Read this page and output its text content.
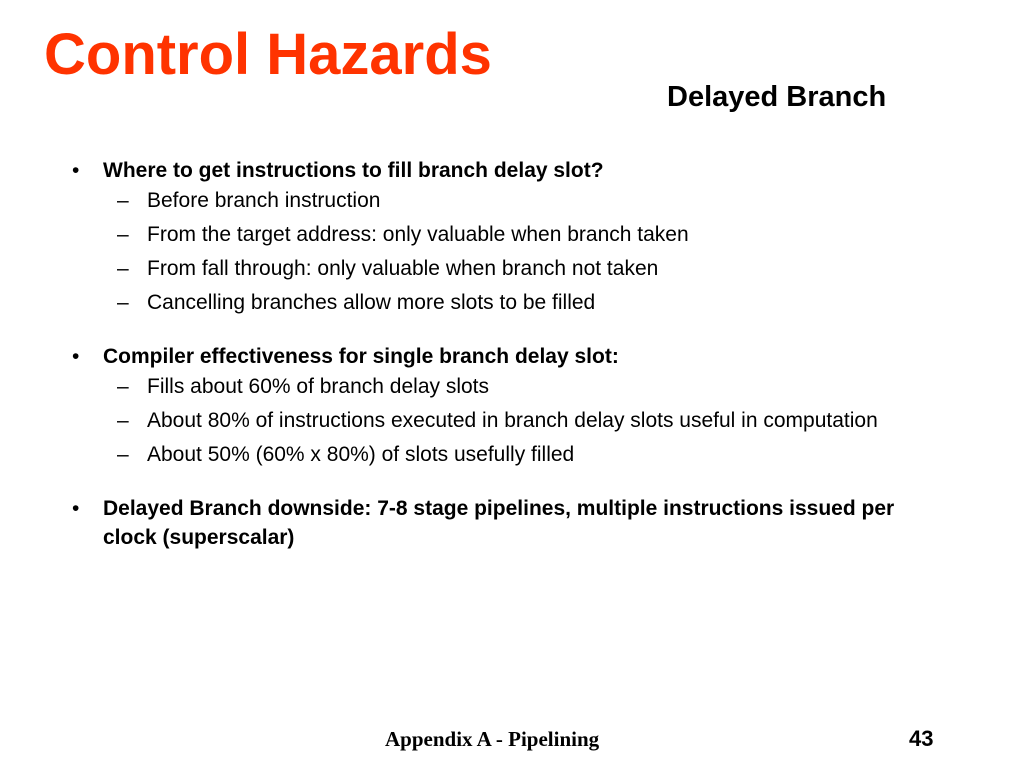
Control Hazards
Delayed Branch
• Where to get instructions to fill branch delay slot?
– Before branch instruction
– From the target address: only valuable when branch taken
– From fall through: only valuable when branch not taken
– Cancelling branches allow more slots to be filled
• Compiler effectiveness for single branch delay slot:
– Fills about 60% of branch delay slots
– About 80% of instructions executed in branch delay slots useful in computation
– About 50% (60% x 80%) of slots usefully filled
• Delayed Branch downside: 7-8 stage pipelines, multiple instructions issued per clock (superscalar)
Appendix A - Pipelining	43
